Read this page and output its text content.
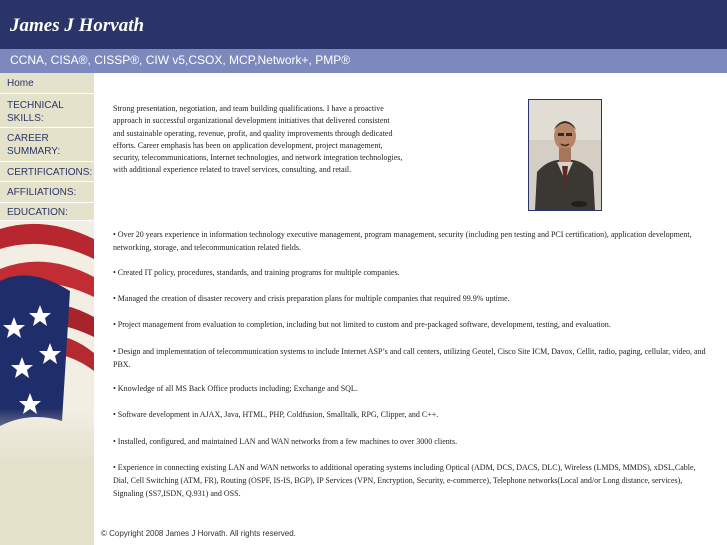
James J Horvath
CCNA, CISA®, CISSP®, CIW v5,CSOX, MCP,Network+, PMP®
Home
TECHNICAL SKILLS:
CAREER SUMMARY:
CERTIFICATIONS:
AFFILIATIONS:
EDUCATION:
Strong presentation, negotiation, and team building qualifications. I have a proactive approach in successful organizational development initiatives that delivered consistent and sustainable operating, revenue, profit, and quality improvements through dedicated efforts. Career emphasis has been on application development, project management, security, telecommunications, Internet technologies, and network integration technologies, with additional experience related to travel services, consulting, and retail.
• Over 20 years experience in information technology executive management, program management, security (including pen testing and PCI certification), application development, networking, storage, and telecommunication related fields.
• Created IT policy, procedures, standards, and training programs for multiple companies.
• Managed the creation of disaster recovery and crisis preparation plans for multiple companies that required 99.9% uptime.
• Project management from evaluation to completion, including but not limited to custom and pre-packaged software, development, testing, and evaluation.
• Design and implementation of telecommunication systems to include Internet ASP’s and call centers, utilizing Geotel, Cisco Site ICM, Davox, Cellit, radio, paging, cellular, video, and PBX.
• Knowledge of all MS Back Office products including; Exchange and SQL.
• Software development in AJAX, Java, HTML, PHP, Coldfusion, Smalltalk, RPG, Clipper, and C++.
• Installed, configured, and maintained LAN and WAN networks from a few machines to over 3000 clients.
• Experience in connecting existing LAN and WAN networks to additional operating systems including Optical (ADM, DCS, DACS, DLC), Wireless (LMDS, MMDS), xDSL,Cable, Dial, Cell Switching (ATM, FR), Routing (OSPF, IS-IS, BGP), IP Services (VPN, Encryption, Security, e-commerce), Telephone networks(Local and/or Long distance, services), Signaling (SS7,ISDN, Q.931) and OSS.
© Copyright 2008 James J Horvath. All rights reserved.
